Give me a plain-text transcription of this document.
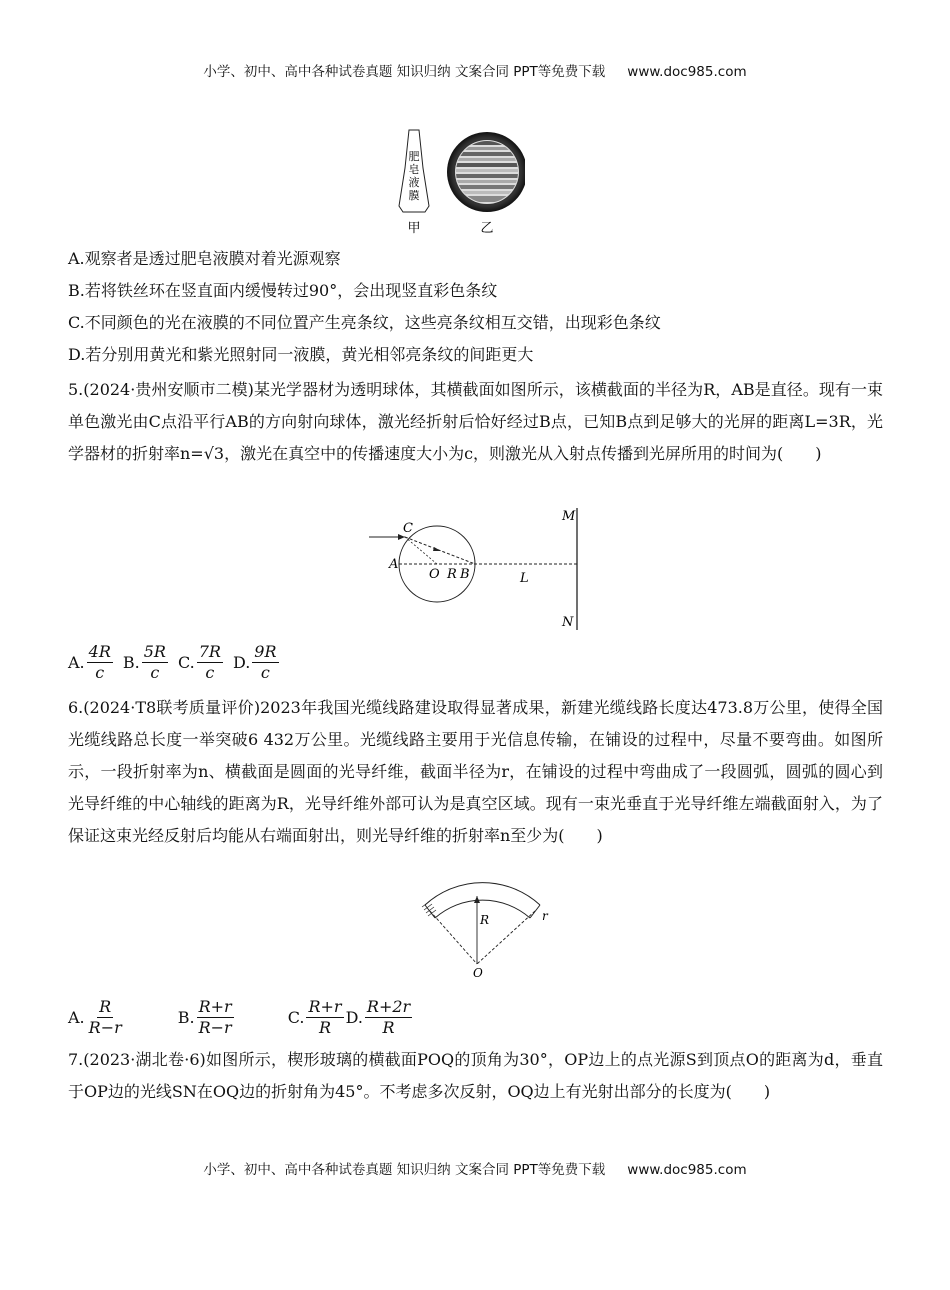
小学、初中、高中各种试卷真题 知识归纳 文案合同 PPT等免费下载 www.doc985.com
肥
皂
液
膜
甲	乙
A.观察者是透过肥皂液膜对着光源观察
B.若将铁丝环在竖直面内缓慢转过90°，会出现竖直彩色条纹
C.不同颜色的光在液膜的不同位置产生亮条纹，这些亮条纹相互交错，出现彩色条纹
D.若分别用黄光和紫光照射同一液膜，黄光相邻亮条纹的间距更大
5.(2024·贵州安顺市二模)某光学器材为透明球体，其横截面如图所示，该横截面的半径为R，AB是直径。现有一束单色激光由C点沿平行AB的方向射向球体，激光经折射后恰好经过B点，已知B点到足够大的光屏的距离L=3R，光学器材的折射率n=√3，激光在真空中的传播速度大小为c，则激光从入射点传播到光屏所用的时间为(　　)
C
A
O R B	L
M
N
A. $\frac{4R}{c} B$. $\frac{5R}{c} C$. $\frac{7R}{c} D$. $\frac{9R}{c}$
6.(2024·T8联考质量评价)2023年我国光缆线路建设取得显著成果，新建光缆线路长度达473.8万公里，使得全国光缆线路总长度一举突破6 432万公里。光缆线路主要用于光信息传输，在铺设的过程中，尽量不要弯曲。如图所示，一段折射率为n、横截面是圆面的光导纤维，截面半径为r，在铺设的过程中弯曲成了一段圆弧，圆弧的圆心到光导纤维的中心轴线的距离为R，光导纤维外部可认为是真空区域。现有一束光垂直于光导纤维左端截面射入，为了保证这束光经反射后均能从右端面射出，则光导纤维的折射率n至少为(　　)
R	r
O
A. $\frac{R}{R-r}$	B. $\frac{R+r}{R-r}$	C. $\frac{R+r}{R} D$. $\frac{R+2r}{R}$
7.(2023·湖北卷·6)如图所示，楔形玻璃的横截面POQ的顶角为30°，OP边上的点光源S到顶点O的距离为d，垂直于OP边的光线SN在OQ边的折射角为45°。不考虑多次反射，OQ边上有光射出部分的长度为(　　)
小学、初中、高中各种试卷真题 知识归纳 文案合同 PPT等免费下载 www.doc985.com
